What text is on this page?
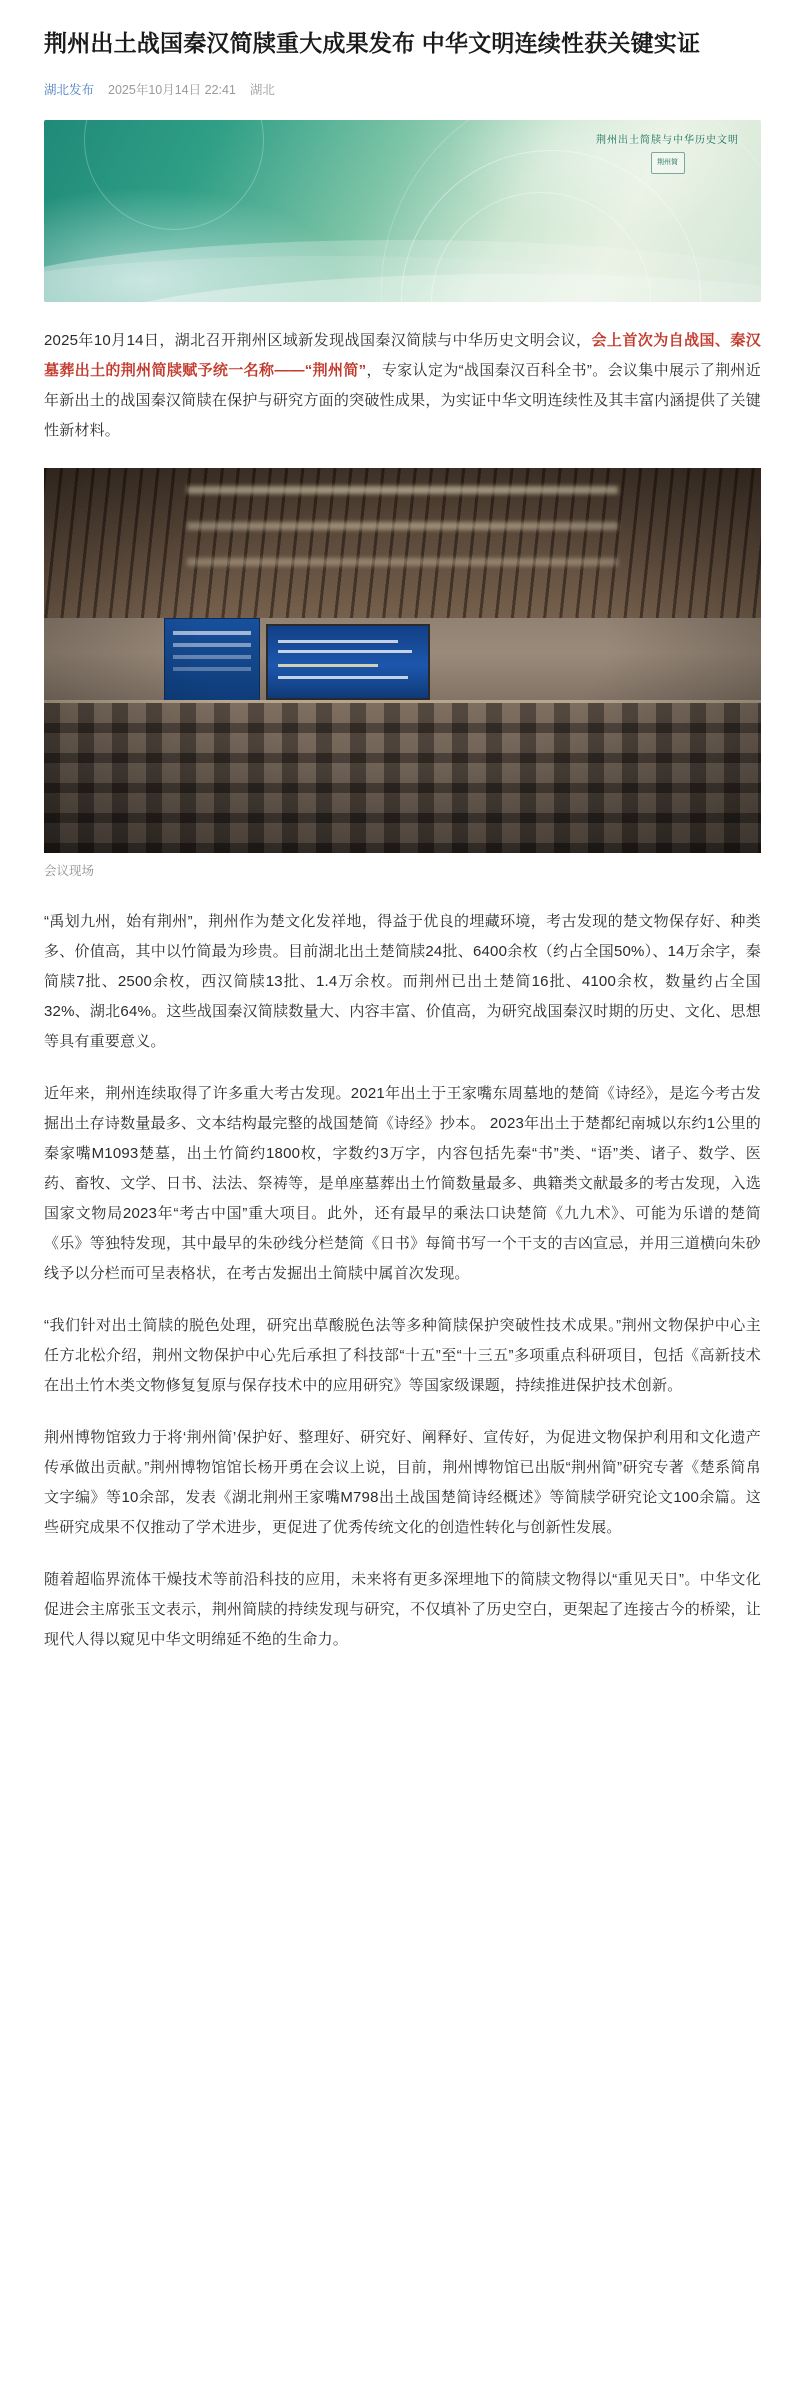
荆州出土战国秦汉简牍重大成果发布 中华文明连续性获关键实证
湖北发布 2025年10月14日 22:41 湖北
荆州出土简牍与中华历史文明
荆州简

2025年10月14日，湖北召开荆州区域新发现战国秦汉简牍与中华历史文明会议，会上首次为自战国、秦汉墓葬出土的荆州简牍赋予统一名称——“荆州简”，专家认定为“战国秦汉百科全书”。会议集中展示了荆州近年新出土的战国秦汉简牍在保护与研究方面的突破性成果，为实证中华文明连续性及其丰富内涵提供了关键性新材料。

会议现场

“禹划九州，始有荆州”，荆州作为楚文化发祥地，得益于优良的埋藏环境，考古发现的楚文物保存好、种类多、价值高，其中以竹简最为珍贵。目前湖北出土楚简牍24批、6400余枚（约占全国50%）、14万余字，秦简牍7批、2500余枚，西汉简牍13批、1.4万余枚。而荆州已出土楚简16批、4100余枚，数量约占全国32%、湖北64%。这些战国秦汉简牍数量大、内容丰富、价值高，为研究战国秦汉时期的历史、文化、思想等具有重要意义。

近年来，荆州连续取得了许多重大考古发现。2021年出土于王家嘴东周墓地的楚简《诗经》，是迄今考古发掘出土存诗数量最多、文本结构最完整的战国楚简《诗经》抄本。 2023年出土于楚都纪南城以东约1公里的秦家嘴M1093楚墓，出土竹简约1800枚，字数约3万字，内容包括先秦“书”类、“语”类、诸子、数学、医药、畜牧、文学、日书、法法、祭祷等，是单座墓葬出土竹简数量最多、典籍类文献最多的考古发现，入选国家文物局2023年“考古中国”重大项目。此外，还有最早的乘法口诀楚简《九九术》、可能为乐谱的楚简《乐》等独特发现，其中最早的朱砂线分栏楚简《日书》每简书写一个干支的吉凶宣忌，并用三道横向朱砂线予以分栏而可呈表格状，在考古发掘出土简牍中属首次发现。

“我们针对出土简牍的脱色处理，研究出草酸脱色法等多种简牍保护突破性技术成果。”荆州文物保护中心主任方北松介绍，荆州文物保护中心先后承担了科技部“十五”至“十三五”多项重点科研项目，包括《高新技术在出土竹木类文物修复复原与保存技术中的应用研究》等国家级课题，持续推进保护技术创新。

荆州博物馆致力于将‘荆州简’保护好、整理好、研究好、阐释好、宣传好，为促进文物保护利用和文化遗产传承做出贡献。”荆州博物馆馆长杨开勇在会议上说，目前，荆州博物馆已出版“荆州简”研究专著《楚系简帛文字编》等10余部，发表《湖北荆州王家嘴M798出土战国楚简诗经概述》等简牍学研究论文100余篇。这些研究成果不仅推动了学术进步，更促进了优秀传统文化的创造性转化与创新性发展。

随着超临界流体干燥技术等前沿科技的应用，未来将有更多深埋地下的简牍文物得以“重见天日”。中华文化促进会主席张玉文表示，荆州简牍的持续发现与研究，不仅填补了历史空白，更架起了连接古今的桥梁，让现代人得以窥见中华文明绵延不绝的生命力。
